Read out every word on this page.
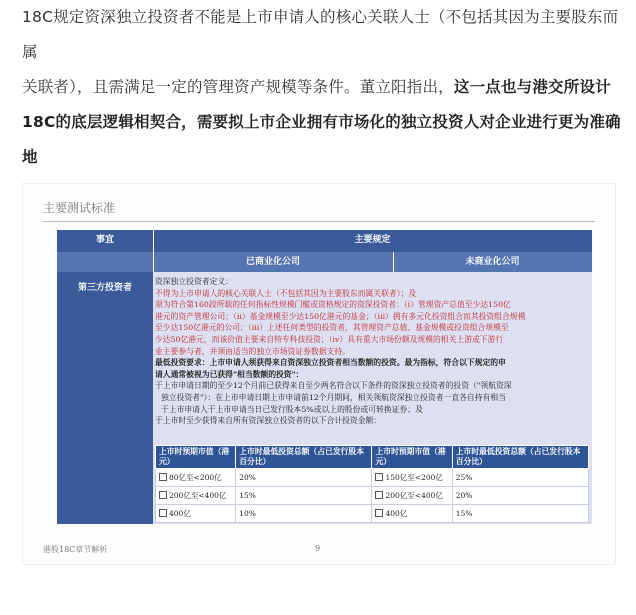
18C规定资深独立投资者不能是上市申请人的核心关联人士（不包括其因为主要股东而属

关联者），且需满足一定的管理资产规模等条件。董立阳指出，这一点也与港交所设计

18C的底层逻辑相契合，需要拟上市企业拥有市场化的独立投资人对企业进行更为准确地

主要测试标准
事宜	主要规定
已商业化公司	未商业化公司
第三方投资者
资深独立投资者定义：
不得为上市申请人的核心关联人士（不包括其因为主要股东而属关联者）；及
须为符合第160段所载的任何指标性规模门槛或资格规定的资深投资者：（i）管理资产总值至少达150亿
港元的资产管理公司；（ii）基金规模至少达150亿港元的基金；（iii）拥有多元化投资组合而其投资组合规模
至少达150亿港元的公司；（iii）上述任何类型的投资者，其管理资产总值、基金规模或投资组合规模至
少达50亿港元，而该价值主要来自特专科技投资；（iv）具有重大市场份额及规模的相关上游或下游行
业主要参与者，并须由适当的独立市场资证券数据支持。
最低投资要求：上市申请人须获得来自资深独立投资者相当数额的投资。最为指标，符合以下规定的申
请人通常被视为已获得"相当数额的投资"：
于上市申请日期的至少12个月前已获得来自至少两名符合以下条件的资深独立投资者的投资（"领航资深
独立投资者"）：在上市申请日期上市申请前12个月期间，相关领航资深独立投资者一直各自持有相当
于上市申请人于上市申请当日已发行股本5%或以上的股份或可转换证券；及
于上市时至少获得来自所有资深独立投资者的以下合计投资金额：
上市时预期市值（港元）	上市时最低投资总额（占已发行股本百分比）	上市时预期市值（港元）	上市时最低投资总额（占已发行股本百分比）
80亿至<200亿	20%	150亿至<200亿	25%
200亿至<400亿	15%	200亿至<400亿	20%
400亿	10%	400亿	15%
港股18C章节解析	9
